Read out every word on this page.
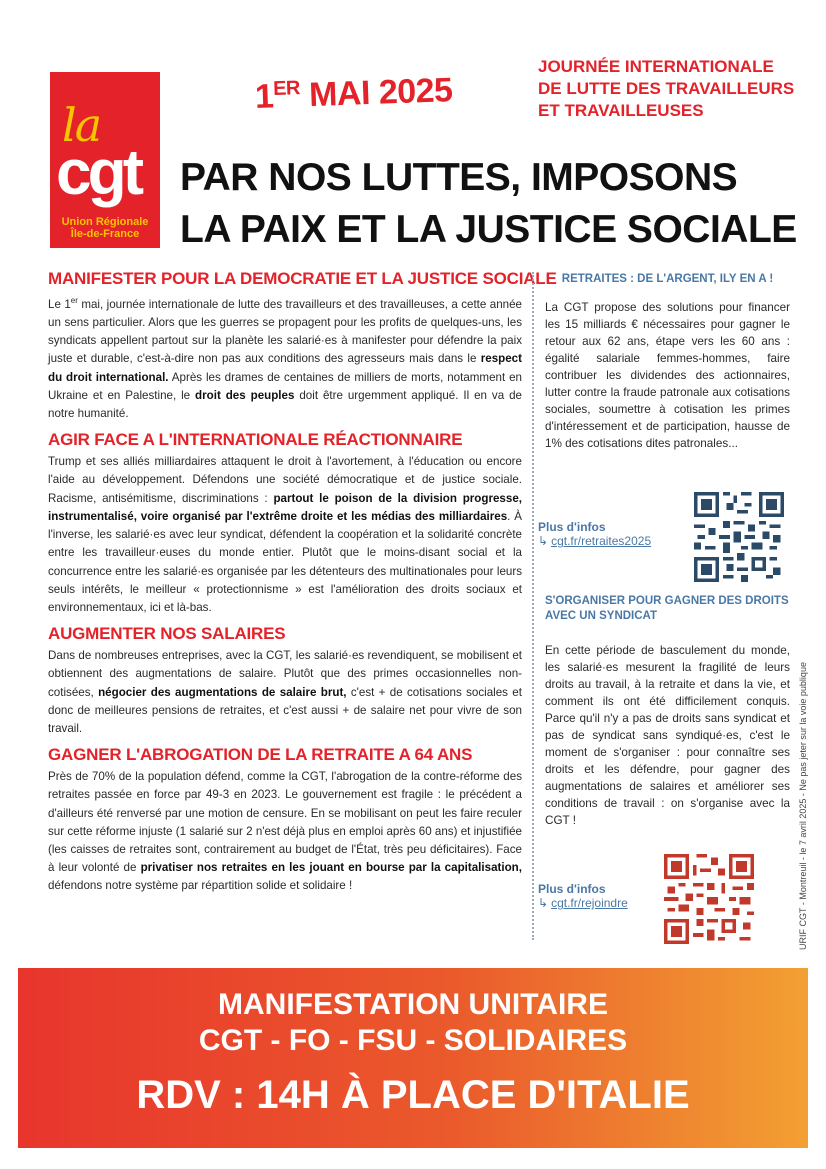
la
cgt
Union Régionale
Île-de-France
1ER MAI 2025
JOURNÉE INTERNATIONALE
DE LUTTE DES TRAVAILLEURS
ET TRAVAILLEUSES
PAR NOS LUTTES, IMPOSONS
LA PAIX ET LA JUSTICE SOCIALE
MANIFESTER POUR LA DEMOCRATIE ET LA JUSTICE SOCIALE

Le 1er mai, journée internationale de lutte des travailleurs et des travailleuses, a cette année un sens particulier. Alors que les guerres se propagent pour les profits de quelques-uns, les syndicats appellent partout sur la planète les salarié·es à manifester pour défendre la paix juste et durable, c'est-à-dire non pas aux conditions des agresseurs mais dans le respect du droit international. Après les drames de centaines de milliers de morts, notamment en Ukraine et en Palestine, le droit des peuples doit être urgemment appliqué. Il en va de notre humanité.

AGIR FACE A L'INTERNATIONALE RÉACTIONNAIRE

Trump et ses alliés milliardaires attaquent le droit à l'avortement, à l'éducation ou encore l'aide au développement. Défendons une société démocratique et de justice sociale. Racisme, antisémitisme, discriminations : partout le poison de la division progresse, instrumentalisé, voire organisé par l'extrême droite et les médias des milliardaires. À l'inverse, les salarié·es avec leur syndicat, défendent la coopération et la solidarité concrète entre les travailleur·euses du monde entier. Plutôt que le moins-disant social et la concurrence entre les salarié·es organisée par les détenteurs des multinationales pour leurs seuls intérêts, le meilleur « protectionnisme » est l'amélioration des droits sociaux et environnementaux, ici et là-bas.

AUGMENTER NOS SALAIRES

Dans de nombreuses entreprises, avec la CGT, les salarié·es revendiquent, se mobilisent et obtiennent des augmentations de salaire. Plutôt que des primes occasionnelles non-cotisées, négocier des augmentations de salaire brut, c'est + de cotisations sociales et donc de meilleures pensions de retraites, et c'est aussi + de salaire net pour vivre de son travail.

GAGNER L'ABROGATION DE LA RETRAITE A 64 ANS

Près de 70% de la population défend, comme la CGT, l'abrogation de la contre-réforme des retraites passée en force par 49-3 en 2023. Le gouvernement est fragile : le précédent a d'ailleurs été renversé par une motion de censure. En se mobilisant on peut les faire reculer sur cette réforme injuste (1 salarié sur 2 n'est déjà plus en emploi après 60 ans) et injustifiée (les caisses de retraites sont, contrairement au budget de l'État, très peu déficitaires). Face à leur volonté de privatiser nos retraites en les jouant en bourse par la capitalisation, défendons notre système par répartition solide et solidaire !

RETRAITES : DE L'ARGENT, ILY EN A !

La CGT propose des solutions pour financer les 15 milliards € nécessaires pour gagner le retour aux 62 ans, étape vers les 60 ans : égalité salariale femmes-hommes, faire contribuer les dividendes des actionnaires, lutter contre la fraude patronale aux cotisations sociales, soumettre à cotisation les primes d'intéressement et de participation, hausse de 1% des cotisations dites patronales...

Plus d'infos
↳ cgt.fr/retraites2025
S'ORGANISER POUR GAGNER DES DROITS
AVEC UN SYNDICAT

En cette période de basculement du monde, les salarié·es mesurent la fragilité de leurs droits au travail, à la retraite et dans la vie, et comment ils ont été difficilement conquis. Parce qu'il n'y a pas de droits sans syndicat et pas de syndicat sans syndiqué·es, c'est le moment de s'organiser : pour connaître ses droits et les défendre, pour gagner des augmentations de salaires et améliorer ses conditions de travail : on s'organise avec la CGT !

Plus d'infos
↳ cgt.fr/rejoindre	URIF CGT - Montreuil - le 7 avril 2025 - Ne pas jeter sur la voie publique
MANIFESTATION UNITAIRE
CGT - FO - FSU - SOLIDAIRES
RDV : 14H À PLACE D'ITALIE
